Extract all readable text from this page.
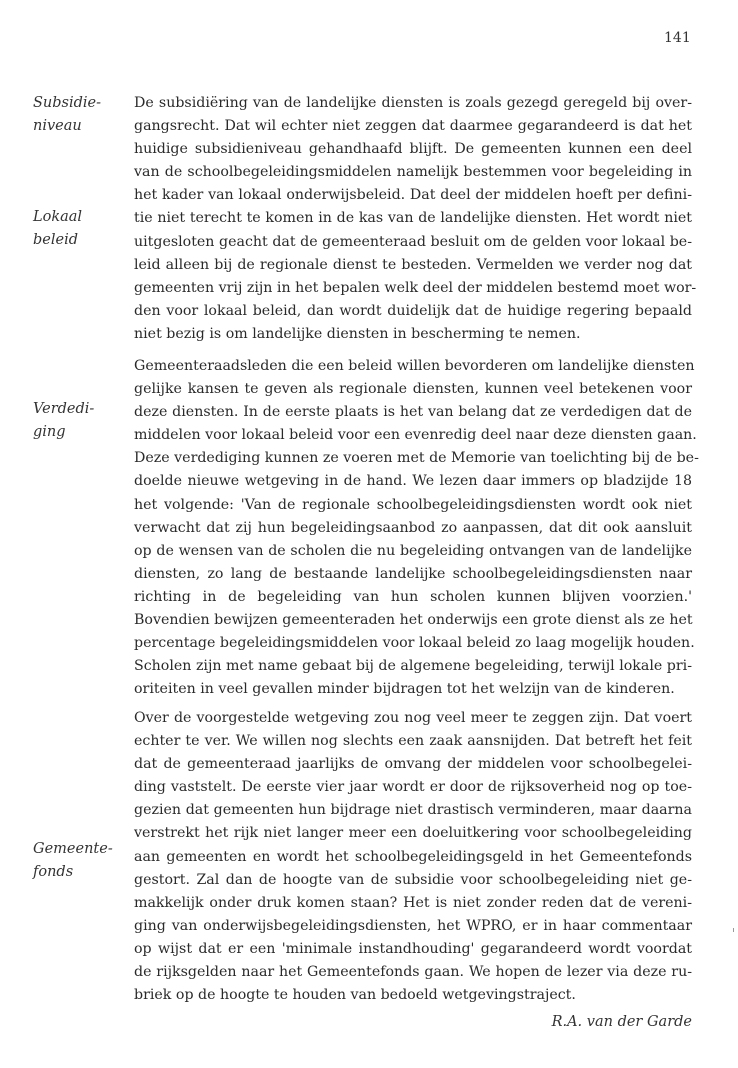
141
Subsidie-
niveau
Lokaal
beleid
Verdedi-
ging
Gemeente-
fonds
De subsidiëring van de landelijke diensten is zoals gezegd geregeld bij over-
gangsrecht. Dat wil echter niet zeggen dat daarmee gegarandeerd is dat het
huidige subsidieniveau gehandhaafd blijft. De gemeenten kunnen een deel
van de schoolbegeleidingsmiddelen namelijk bestemmen voor begeleiding in
het kader van lokaal onderwijsbeleid. Dat deel der middelen hoeft per defini-
tie niet terecht te komen in de kas van de landelijke diensten. Het wordt niet
uitgesloten geacht dat de gemeenteraad besluit om de gelden voor lokaal be-
leid alleen bij de regionale dienst te besteden. Vermelden we verder nog dat
gemeenten vrij zijn in het bepalen welk deel der middelen bestemd moet wor-
den voor lokaal beleid, dan wordt duidelijk dat de huidige regering bepaald
niet bezig is om landelijke diensten in bescherming te nemen.
Gemeenteraadsleden die een beleid willen bevorderen om landelijke diensten
gelijke kansen te geven als regionale diensten, kunnen veel betekenen voor
deze diensten. In de eerste plaats is het van belang dat ze verdedigen dat de
middelen voor lokaal beleid voor een evenredig deel naar deze diensten gaan.
Deze verdediging kunnen ze voeren met de Memorie van toelichting bij de be-
doelde nieuwe wetgeving in de hand. We lezen daar immers op bladzijde 18
het volgende: 'Van de regionale schoolbegeleidingsdiensten wordt ook niet
verwacht dat zij hun begeleidingsaanbod zo aanpassen, dat dit ook aansluit
op de wensen van de scholen die nu begeleiding ontvangen van de landelijke
diensten, zo lang de bestaande landelijke schoolbegeleidingsdiensten naar
richting in de begeleiding van hun scholen kunnen blijven voorzien.'
Bovendien bewijzen gemeenteraden het onderwijs een grote dienst als ze het
percentage begeleidingsmiddelen voor lokaal beleid zo laag mogelijk houden.
Scholen zijn met name gebaat bij de algemene begeleiding, terwijl lokale pri-
oriteiten in veel gevallen minder bijdragen tot het welzijn van de kinderen.
Over de voorgestelde wetgeving zou nog veel meer te zeggen zijn. Dat voert
echter te ver. We willen nog slechts een zaak aansnijden. Dat betreft het feit
dat de gemeenteraad jaarlijks de omvang der middelen voor schoolbegelei-
ding vaststelt. De eerste vier jaar wordt er door de rijksoverheid nog op toe-
gezien dat gemeenten hun bijdrage niet drastisch verminderen, maar daarna
verstrekt het rijk niet langer meer een doeluitkering voor schoolbegeleiding
aan gemeenten en wordt het schoolbegeleidingsgeld in het Gemeentefonds
gestort. Zal dan de hoogte van de subsidie voor schoolbegeleiding niet ge-
makkelijk onder druk komen staan? Het is niet zonder reden dat de vereni-
ging van onderwijsbegeleidingsdiensten, het WPRO, er in haar commentaar
op wijst dat er een 'minimale instandhouding' gegarandeerd wordt voordat
de rijksgelden naar het Gemeentefonds gaan. We hopen de lezer via deze ru-
briek op de hoogte te houden van bedoeld wetgevingstraject.
R.A. van der Garde
